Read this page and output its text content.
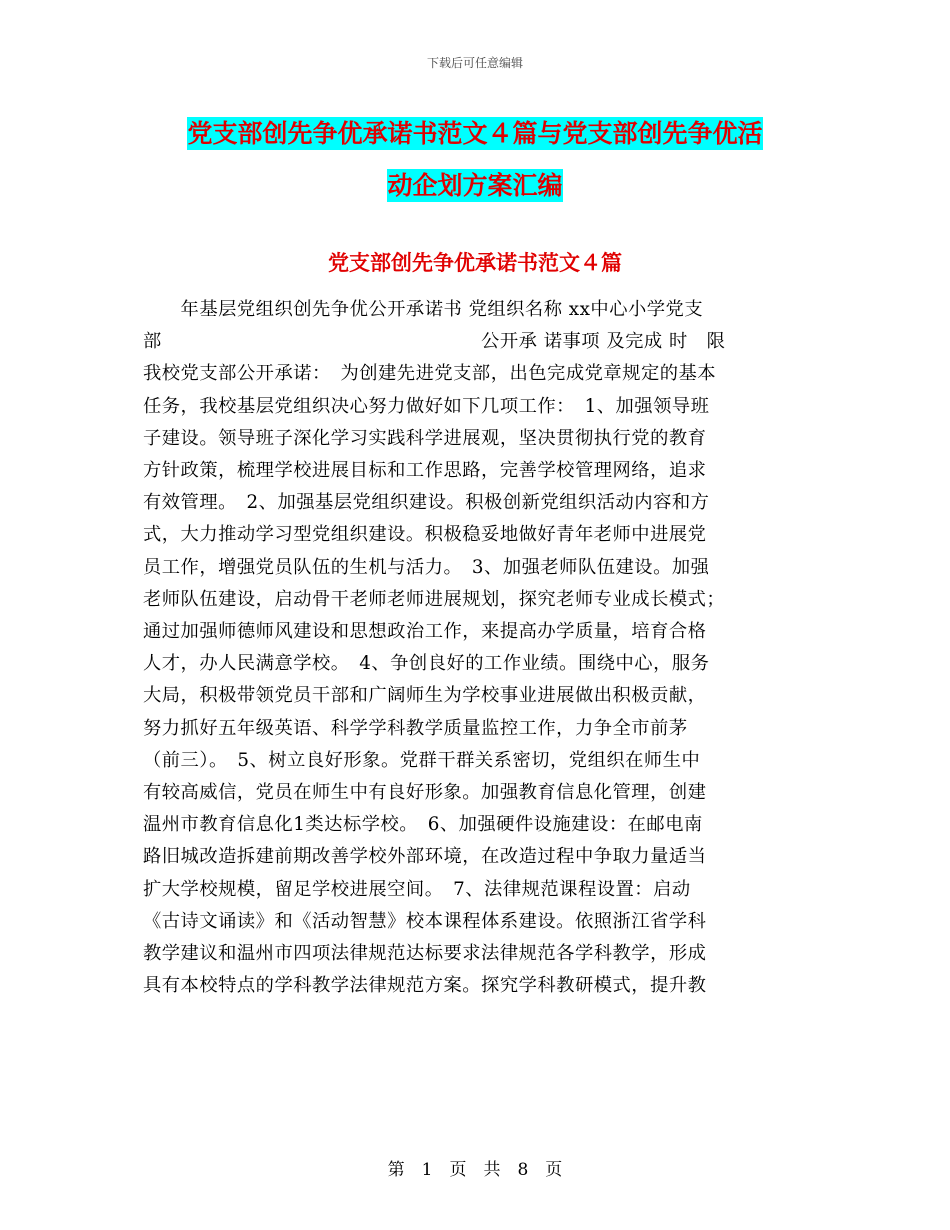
下载后可任意编辑
党支部创先争优承诺书范文４篇与党支部创先争优活
动企划方案汇编
党支部创先争优承诺书范文４篇
　　年基层党组织创先争优公开承诺书 党组织名称 xx中心小学党支
部　　　　　　　　　　　　　　　　　公开承 诺事项 及完成 时　限
我校党支部公开承诺：　为创建先进党支部，出色完成党章规定的基本
任务，我校基层党组织决心努力做好如下几项工作：　1、加强领导班
子建设。领导班子深化学习实践科学进展观，坚决贯彻执行党的教育
方针政策，梳理学校进展目标和工作思路，完善学校管理网络，追求
有效管理。　2、加强基层党组织建设。积极创新党组织活动内容和方
式，大力推动学习型党组织建设。积极稳妥地做好青年老师中进展党
员工作，增强党员队伍的生机与活力。　3、加强老师队伍建设。加强
老师队伍建设，启动骨干老师老师进展规划，探究老师专业成长模式；
通过加强师德师风建设和思想政治工作，来提高办学质量，培育合格
人才，办人民满意学校。　4、争创良好的工作业绩。围绕中心，服务
大局，积极带领党员干部和广阔师生为学校事业进展做出积极贡献，
努力抓好五年级英语、科学学科教学质量监控工作，力争全市前茅
（前三）。　5、树立良好形象。党群干群关系密切，党组织在师生中
有较高威信，党员在师生中有良好形象。加强教育信息化管理，创建
温州市教育信息化1类达标学校。　6、加强硬件设施建设：在邮电南
路旧城改造拆建前期改善学校外部环境，在改造过程中争取力量适当
扩大学校规模，留足学校进展空间。　7、法律规范课程设置：启动
《古诗文诵读》和《活动智慧》校本课程体系建设。依照浙江省学科
教学建议和温州市四项法律规范达标要求法律规范各学科教学，形成
具有本校特点的学科教学法律规范方案。探究学科教研模式，提升教
第　1　页　共　8　页
